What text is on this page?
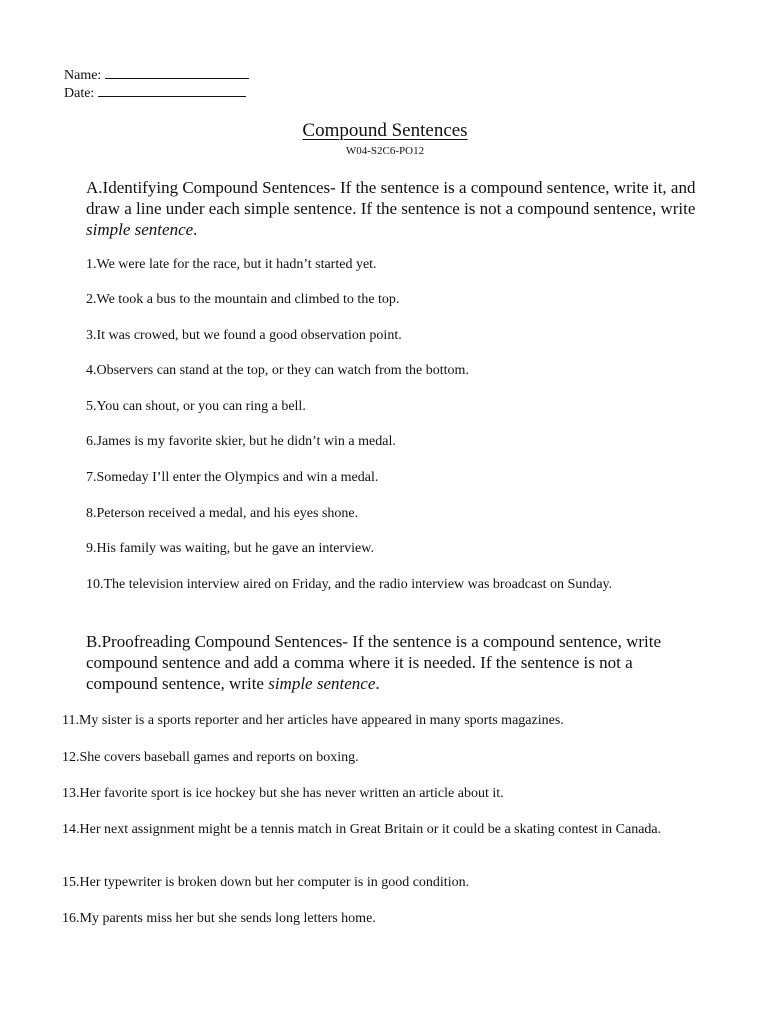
Name:
Date:
Compound Sentences
W04-S2C6-PO12
A.Identifying Compound Sentences- If the sentence is a compound sentence, write it, and draw a line under each simple sentence. If the sentence is not a compound sentence, write simple sentence.
1.We were late for the race, but it hadn’t started yet.
2.We took a bus to the mountain and climbed to the top.
3.It was crowed, but we found a good observation point.
4.Observers can stand at the top, or they can watch from the bottom.
5.You can shout, or you can ring a bell.
6.James is my favorite skier, but he didn’t win a medal.
7.Someday I’ll enter the Olympics and win a medal.
8.Peterson received a medal, and his eyes shone.
9.His family was waiting, but he gave an interview.
10.The television interview aired on Friday, and the radio interview was broadcast on Sunday.
B.Proofreading Compound Sentences- If the sentence is a compound sentence, write compound sentence and add a comma where it is needed. If the sentence is not a compound sentence, write simple sentence.
11.My sister is a sports reporter and her articles have appeared in many sports magazines.
12.She covers baseball games and reports on boxing.
13.Her favorite sport is ice hockey but she has never written an article about it.
14.Her next assignment might be a tennis match in Great Britain or it could be a skating contest in Canada.
15.Her typewriter is broken down but her computer is in good condition.
16.My parents miss her but she sends long letters home.
